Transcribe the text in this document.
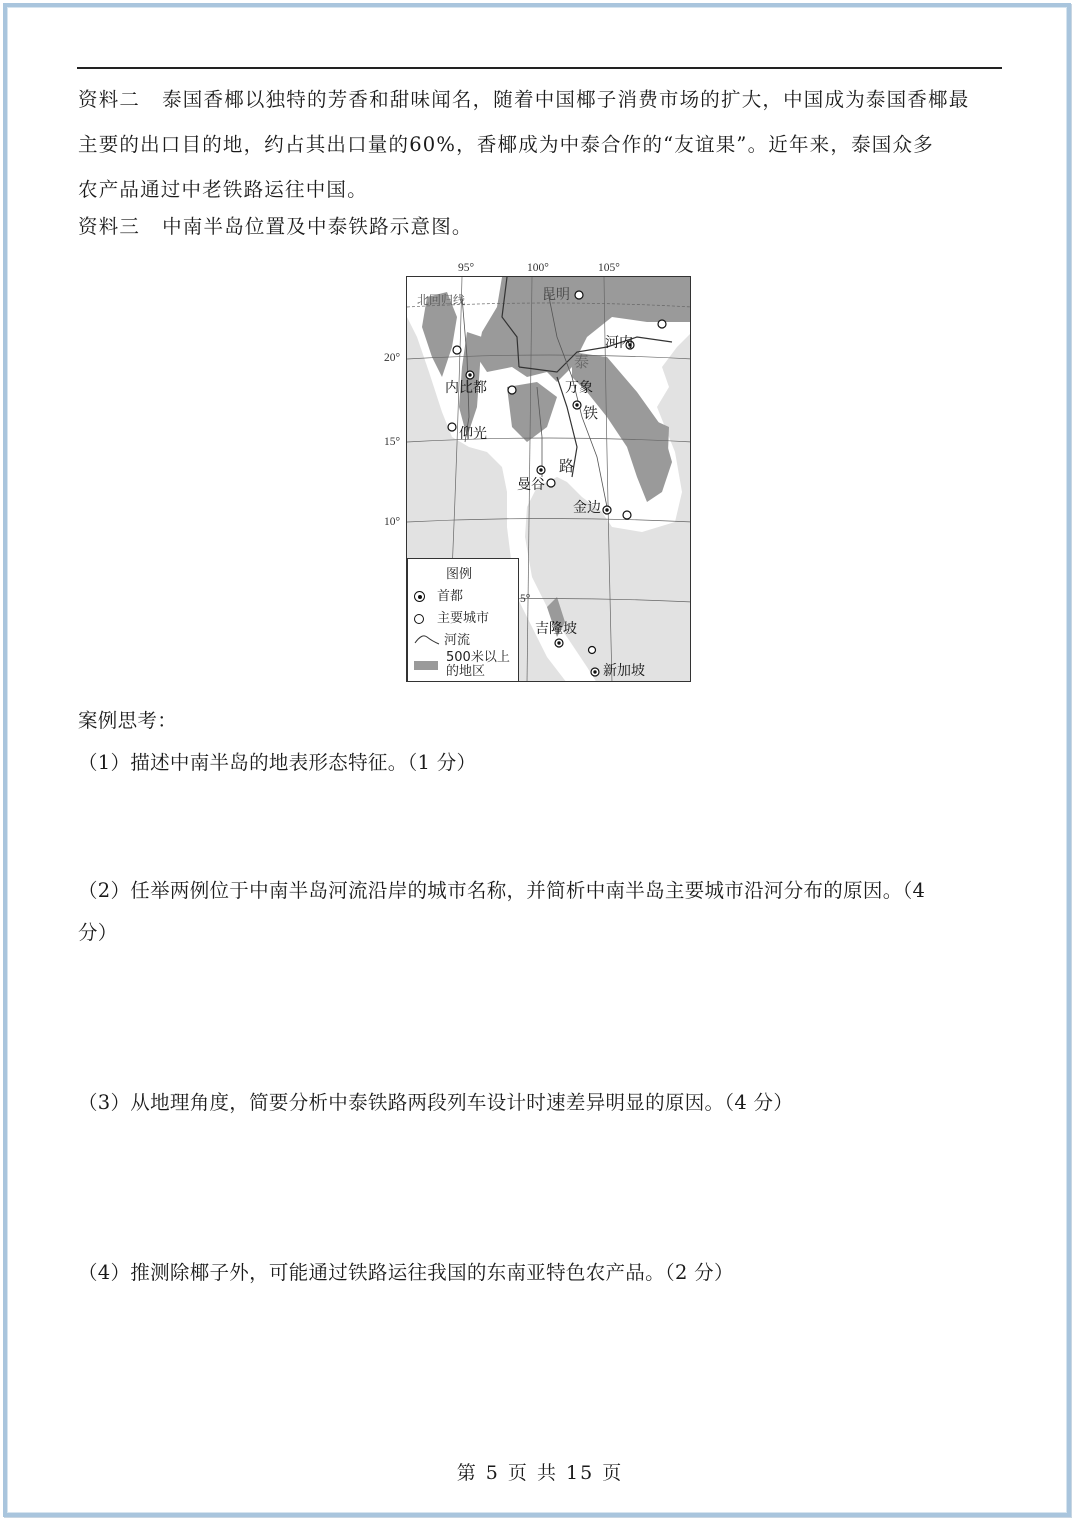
资料二 泰国香椰以独特的芳香和甜味闻名，随着中国椰子消费市场的扩大，中国成为泰国香椰最
主要的出口目的地，约占其出口量的60%，香椰成为中泰合作的“友谊果”。近年来，泰国众多
农产品通过中老铁路运往中国。
资料三 中南半岛位置及中泰铁路示意图。
95°	100°	105°
20°
15°
10°
北回归线	昆明
河内
内比都	万象
仰光
曼谷
金边
吉隆坡
新加坡
泰
铁
路
5°
图例
首都
主要城市
河流
500米以上
的地区
案例思考：
（1）描述中南半岛的地表形态特征。（1 分）
（2）任举两例位于中南半岛河流沿岸的城市名称，并简析中南半岛主要城市沿河分布的原因。（4
分）
（3）从地理角度，简要分析中泰铁路两段列车设计时速差异明显的原因。（4 分）
（4）推测除椰子外，可能通过铁路运往我国的东南亚特色农产品。（2 分）
第 5 页 共 15 页
